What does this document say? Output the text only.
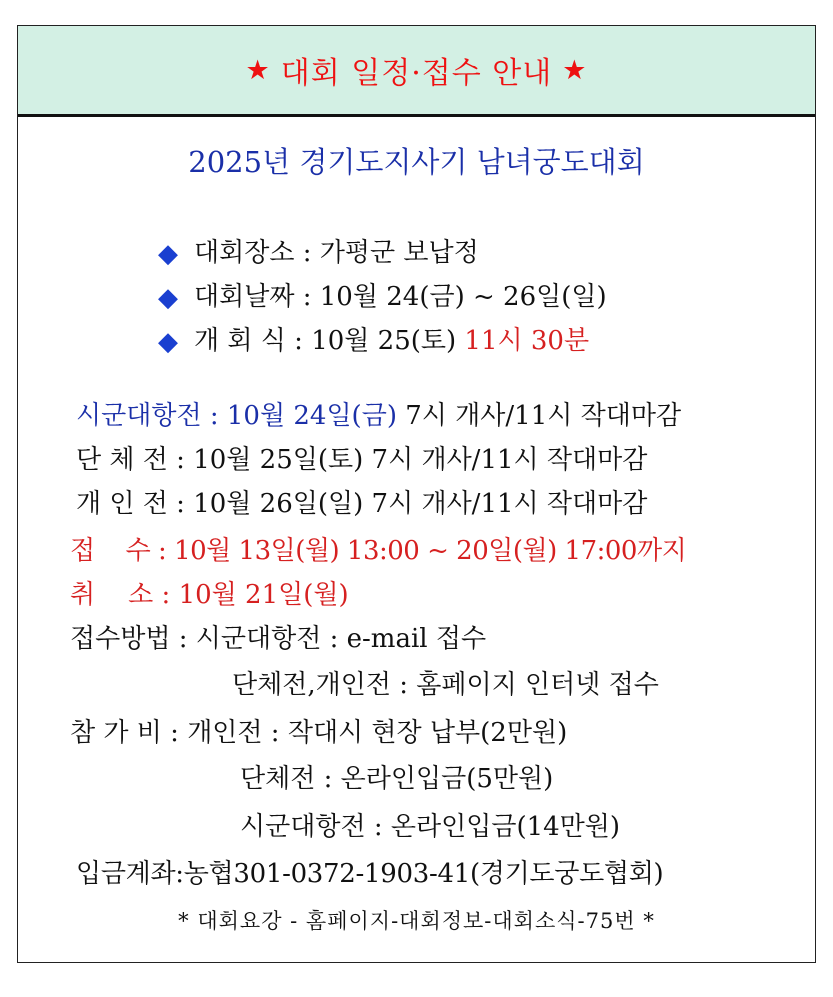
★ 대회 일정·접수 안내 ★
2025년 경기도지사기 남녀궁도대회
◆ 대회장소 : 가평군 보납정
◆ 대회날짜 : 10월 24(금) ~ 26일(일)
◆ 개 회 식 : 10월 25(토) 11시 30분
시군대항전 : 10월 24일(금) 7시 개사/11시 작대마감
단 체 전 : 10월 25일(토) 7시 개사/11시 작대마감
개 인 전 : 10월 26일(일) 7시 개사/11시 작대마감
접    수 : 10월 13일(월) 13:00 ~ 20일(월) 17:00까지
취    소 : 10월 21일(월)
접수방법 : 시군대항전 : e-mail 접수
단체전,개인전 : 홈페이지 인터넷 접수
참 가 비 : 개인전 : 작대시 현장 납부(2만원)
단체전 : 온라인입금(5만원)
시군대항전 : 온라인입금(14만원)
입금계좌:농협301-0372-1903-41(경기도궁도협회)
* 대회요강 - 홈페이지-대회정보-대회소식-75번 *
